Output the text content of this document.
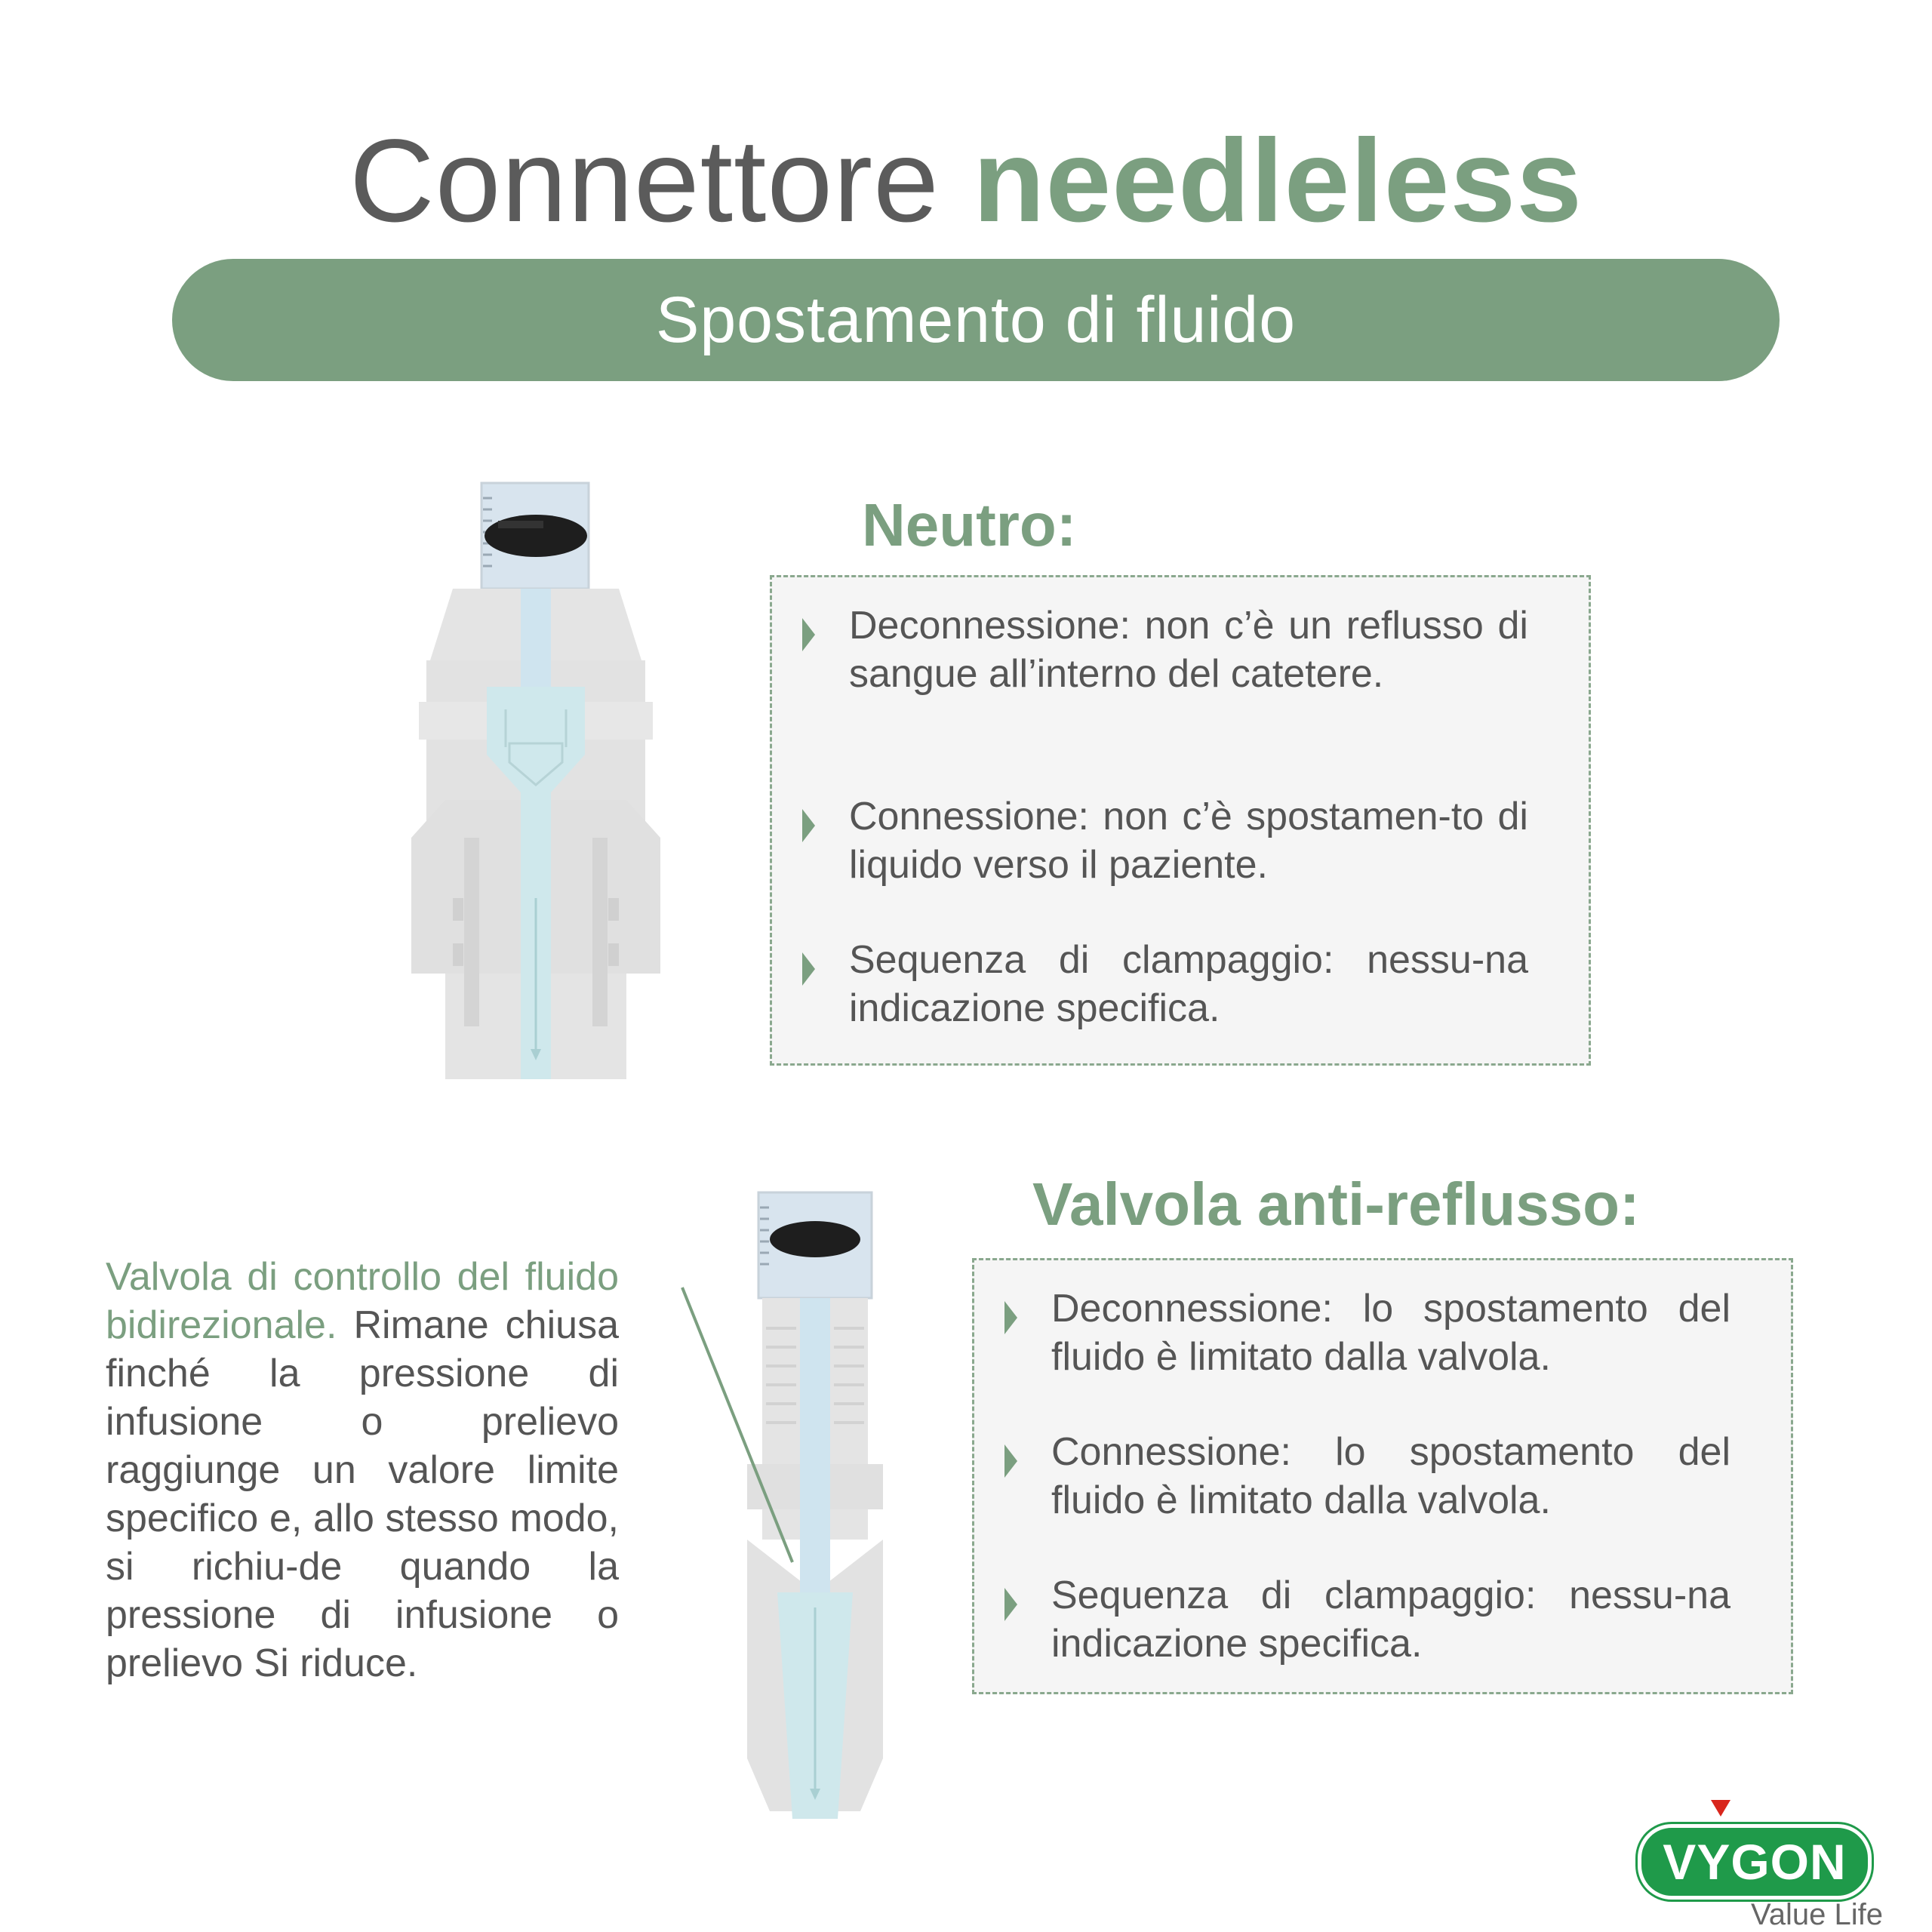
Connettore needleless
Spostamento di fluido
Neutro:
Deconnessione: non c’è un reflusso di sangue all’interno del catetere.
Connessione: non c’è spostamen-to di liquido verso il paziente.
Sequenza di clampaggio: nessu-na indicazione specifica.
Valvola di controllo del fluido bidirezionale. Rimane chiusa finché la pressione di infusione o prelievo raggiunge un valore limite specifico e, allo stesso modo, si richiu-de quando la pressione di infusione o prelievo Si riduce.
Valvola anti-reflusso:
Deconnessione: lo spostamento del fluido è limitato dalla valvola.
Connessione: lo spostamento del fluido è limitato dalla valvola.
Sequenza di clampaggio: nessu-na indicazione specifica.
VYGON
Value Life
